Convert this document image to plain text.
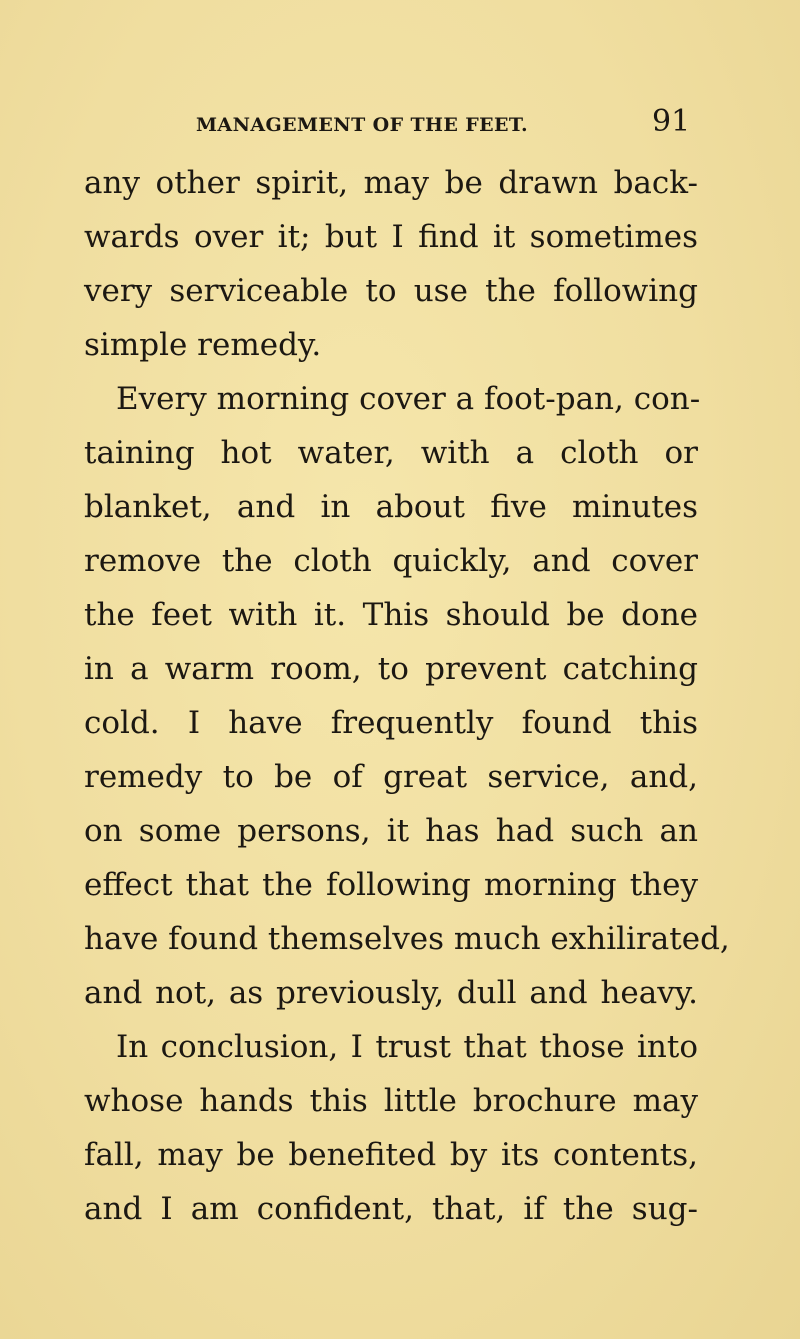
MANAGEMENT OF THE FEET.	91
any other spirit, may be drawn back-
wards over it; but I find it sometimes
very serviceable to use the following
simple remedy.
Every morning cover a foot-pan, con-
taining hot water, with a cloth or
blanket, and in about five minutes
remove the cloth quickly, and cover
the feet with it. This should be done
in a warm room, to prevent catching
cold. I have frequently found this
remedy to be of great service, and,
on some persons, it has had such an
effect that the following morning they
have found themselves much exhilirated,
and not, as previously, dull and heavy.
In conclusion, I trust that those into
whose hands this little brochure may
fall, may be benefited by its contents,
and I am confident, that, if the sug-
